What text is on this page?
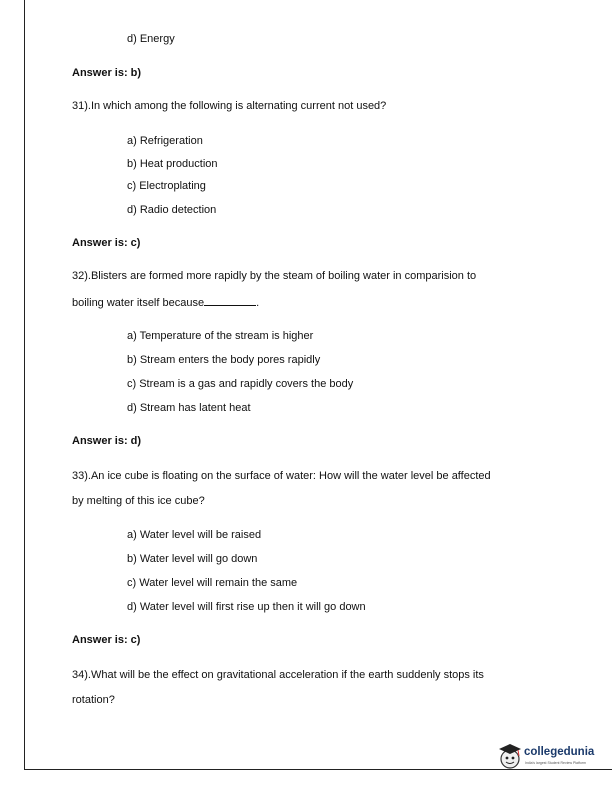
d) Energy
Answer is: b)
31).In which among the following is alternating current not used?
a) Refrigeration
b) Heat production
c) Electroplating
d) Radio detection
Answer is: c)
32).Blisters are formed more rapidly by the steam of boiling water in comparision to
boiling water itself because	.
a) Temperature of the stream is higher
b) Stream enters the body pores rapidly
c) Stream is a gas and rapidly covers the body
d) Stream has latent heat
Answer is: d)
33).An ice cube is floating on the surface of water: How will the water level be affected
by melting of this ice cube?
a) Water level will be raised
b) Water level will go down
c) Water level will remain the same
d) Water level will first rise up then it will go down
Answer is: c)
34).What will be the effect on gravitational acceleration if the earth suddenly stops its
rotation?
collegedunia
India's largest Student Review Platform
